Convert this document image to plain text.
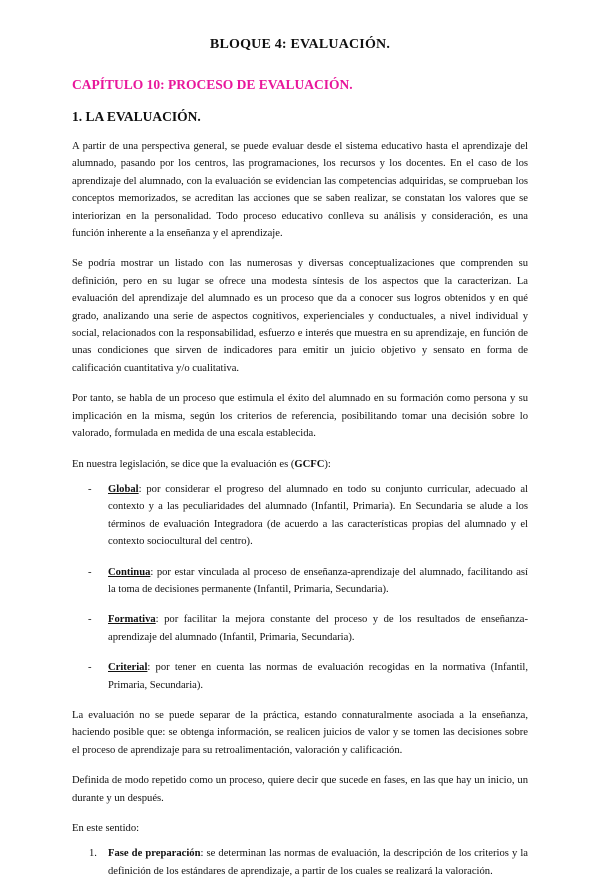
BLOQUE 4: EVALUACIÓN.
CAPÍTULO 10: PROCESO DE EVALUACIÓN.
1. LA EVALUACIÓN.

A partir de una perspectiva general, se puede evaluar desde el sistema educativo hasta el aprendizaje del alumnado, pasando por los centros, las programaciones, los recursos y los docentes. En el caso de los aprendizaje del alumnado, con la evaluación se evidencian las competencias adquiridas, se comprueban los conceptos memorizados, se acreditan las acciones que se saben realizar, se constatan los valores que se interiorizan en la personalidad. Todo proceso educativo conlleva su análisis y consideración, es una función inherente a la enseñanza y el aprendizaje.

Se podría mostrar un listado con las numerosas y diversas conceptualizaciones que comprenden su definición, pero en su lugar se ofrece una modesta síntesis de los aspectos que la caracterizan. La evaluación del aprendizaje del alumnado es un proceso que da a conocer sus logros obtenidos y en qué grado, analizando una serie de aspectos cognitivos, experienciales y conductuales, a nivel individual y social, relacionados con la responsabilidad, esfuerzo e interés que muestra en su aprendizaje, en función de unas condiciones que sirven de indicadores para emitir un juicio objetivo y sensato en forma de calificación cuantitativa y/o cualitativa.

Por tanto, se habla de un proceso que estimula el éxito del alumnado en su formación como persona y su implicación en la misma, según los criterios de referencia, posibilitando tomar una decisión sobre lo valorado, formulada en medida de una escala establecida.

En nuestra legislación, se dice que la evaluación es (GCFC):

- Global: por considerar el progreso del alumnado en todo su conjunto curricular, adecuado al contexto y a las peculiaridades del alumnado (Infantil, Primaria). En Secundaria se alude a los términos de evaluación Integradora (de acuerdo a las características propias del alumnado y el contexto sociocultural del centro).
- Continua: por estar vinculada al proceso de enseñanza-aprendizaje del alumnado, facilitando así la toma de decisiones permanente (Infantil, Primaria, Secundaria).
- Formativa: por facilitar la mejora constante del proceso y de los resultados de enseñanza-aprendizaje del alumnado (Infantil, Primaria, Secundaria).
- Criterial: por tener en cuenta las normas de evaluación recogidas en la normativa (Infantil, Primaria, Secundaria).

La evaluación no se puede separar de la práctica, estando connaturalmente asociada a la enseñanza, haciendo posible que: se obtenga información, se realicen juicios de valor y se tomen las decisiones sobre el proceso de aprendizaje para su retroalimentación, valoración y calificación.

Definida de modo repetido como un proceso, quiere decir que sucede en fases, en las que hay un inicio, un durante y un después.

En este sentido:

1. Fase de preparación: se determinan las normas de evaluación, la descripción de los criterios y la definición de los estándares de aprendizaje, a partir de los cuales se realizará la valoración.
